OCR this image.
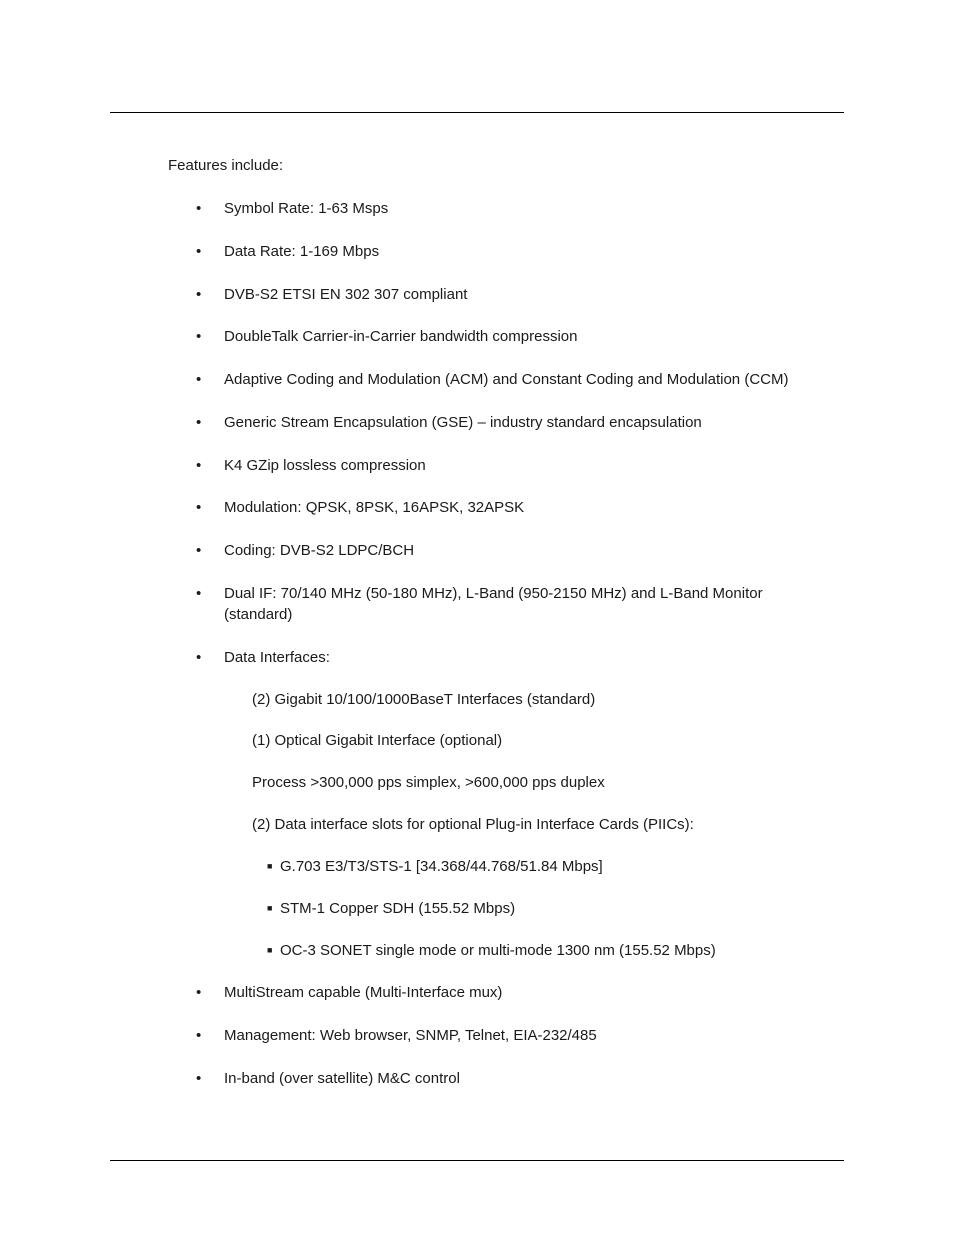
Features include:
• Symbol Rate: 1-63 Msps
• Data Rate: 1-169 Mbps
• DVB-S2 ETSI EN 302 307 compliant
• DoubleTalk Carrier-in-Carrier bandwidth compression
• Adaptive Coding and Modulation (ACM) and Constant Coding and Modulation (CCM)
• Generic Stream Encapsulation (GSE) – industry standard encapsulation
• K4 GZip lossless compression
• Modulation: QPSK, 8PSK, 16APSK, 32APSK
• Coding: DVB-S2 LDPC/BCH
• Dual IF: 70/140 MHz (50-180 MHz), L-Band (950-2150 MHz) and L-Band Monitor (standard)
• Data Interfaces:
(2) Gigabit 10/100/1000BaseT Interfaces (standard)
(1) Optical Gigabit Interface (optional)
Process >300,000 pps simplex, >600,000 pps duplex
(2) Data interface slots for optional Plug-in Interface Cards (PIICs):
■ G.703 E3/T3/STS-1 [34.368/44.768/51.84 Mbps]
■ STM-1 Copper SDH (155.52 Mbps)
■ OC-3 SONET single mode or multi-mode 1300 nm (155.52 Mbps)
• MultiStream capable (Multi-Interface mux)
• Management: Web browser, SNMP, Telnet, EIA-232/485
• In-band (over satellite) M&C control
